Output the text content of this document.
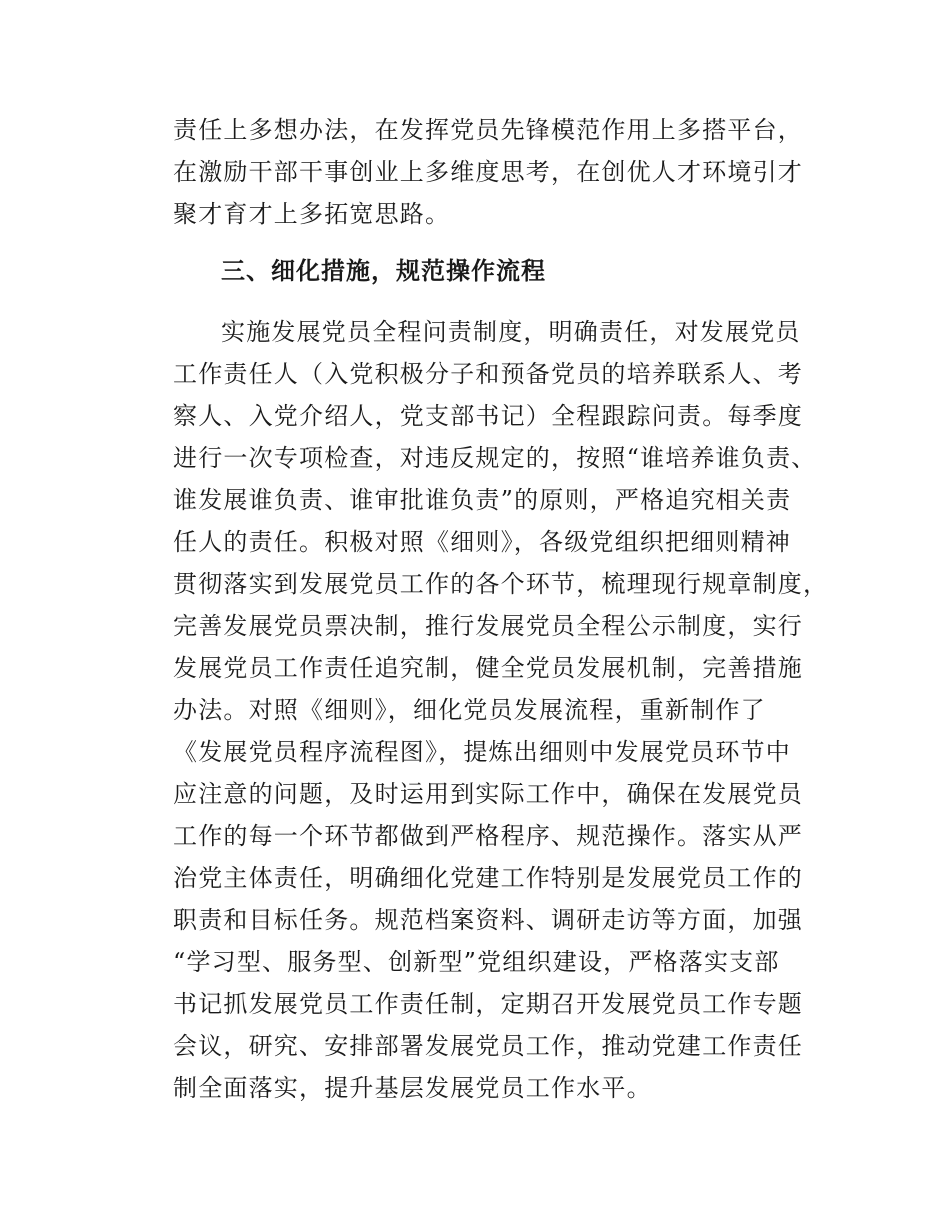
责任上多想办法，在发挥党员先锋模范作用上多搭平台，
在激励干部干事创业上多维度思考，在创优人才环境引才
聚才育才上多拓宽思路。
三、细化措施，规范操作流程
实施发展党员全程问责制度，明确责任，对发展党员
工作责任人（入党积极分子和预备党员的培养联系人、考
察人、入党介绍人，党支部书记）全程跟踪问责。每季度
进行一次专项检查，对违反规定的，按照“谁培养谁负责、
谁发展谁负责、谁审批谁负责”的原则，严格追究相关责
任人的责任。积极对照《细则》，各级党组织把细则精神
贯彻落实到发展党员工作的各个环节，梳理现行规章制度，
完善发展党员票决制，推行发展党员全程公示制度，实行
发展党员工作责任追究制，健全党员发展机制，完善措施
办法。对照《细则》，细化党员发展流程，重新制作了
《发展党员程序流程图》，提炼出细则中发展党员环节中
应注意的问题，及时运用到实际工作中，确保在发展党员
工作的每一个环节都做到严格程序、规范操作。落实从严
治党主体责任，明确细化党建工作特别是发展党员工作的
职责和目标任务。规范档案资料、调研走访等方面，加强
“学习型、服务型、创新型”党组织建设，严格落实支部
书记抓发展党员工作责任制，定期召开发展党员工作专题
会议，研究、安排部署发展党员工作，推动党建工作责任
制全面落实，提升基层发展党员工作水平。
